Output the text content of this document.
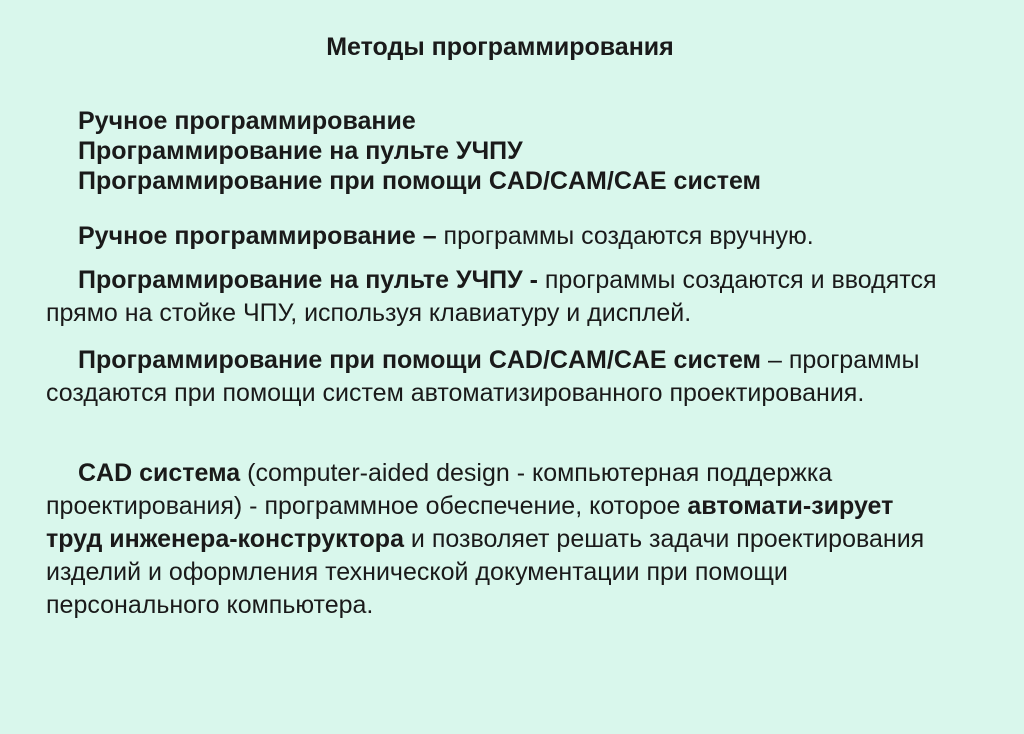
Методы программирования
Ручное программирование
Программирование на пульте УЧПУ
Программирование при помощи CAD/CAM/CAE систем
Ручное программирование – программы создаются вручную.
Программирование на пульте УЧПУ - программы создаются и вводятся прямо на стойке ЧПУ, используя клавиатуру и дисплей.
Программирование при помощи CAD/CAM/CAE систем – программы создаются при помощи систем автоматизированного проектирования.
CAD система (computer-aided design - компьютерная поддержка проектирования) - программное обеспечение, которое автомати-зирует труд инженера-конструктора и позволяет решать задачи проектирования изделий и оформления технической документации при помощи персонального компьютера.
